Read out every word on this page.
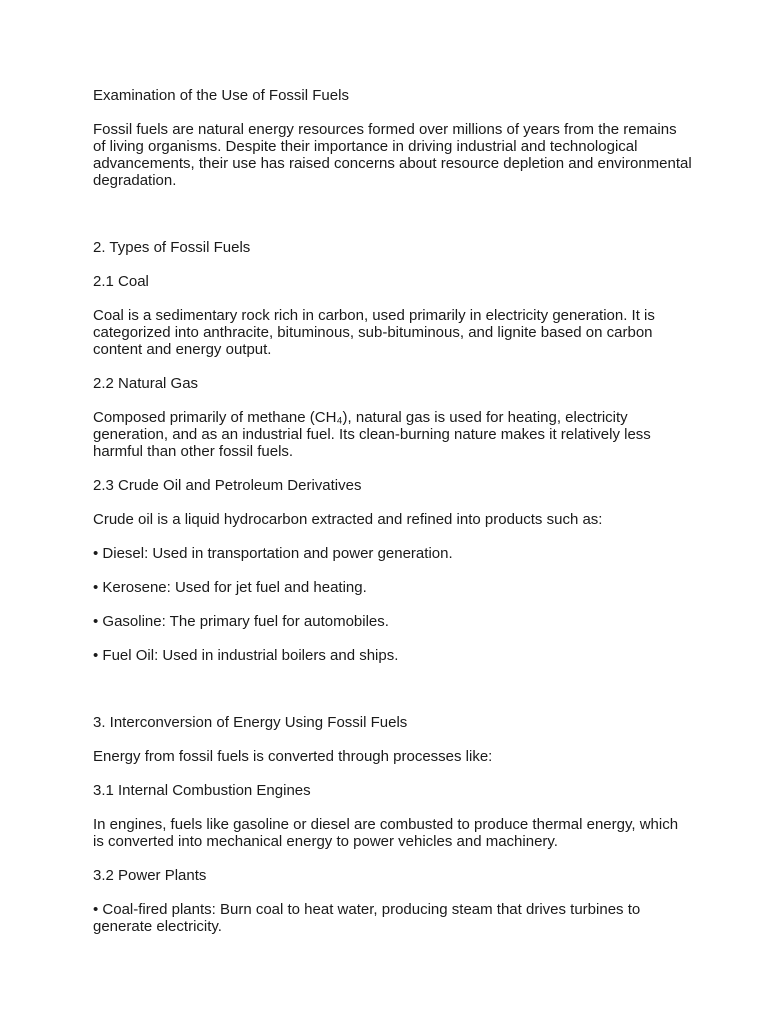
Examination of the Use of Fossil Fuels

Fossil fuels are natural energy resources formed over millions of years from the remains of living organisms. Despite their importance in driving industrial and technological advancements, their use has raised concerns about resource depletion and environmental degradation.

2. Types of Fossil Fuels

2.1 Coal

Coal is a sedimentary rock rich in carbon, used primarily in electricity generation. It is categorized into anthracite, bituminous, sub-bituminous, and lignite based on carbon content and energy output.

2.2 Natural Gas

Composed primarily of methane (CH₄), natural gas is used for heating, electricity generation, and as an industrial fuel. Its clean-burning nature makes it relatively less harmful than other fossil fuels.

2.3 Crude Oil and Petroleum Derivatives

Crude oil is a liquid hydrocarbon extracted and refined into products such as:

• Diesel: Used in transportation and power generation.

• Kerosene: Used for jet fuel and heating.

• Gasoline: The primary fuel for automobiles.

• Fuel Oil: Used in industrial boilers and ships.

3. Interconversion of Energy Using Fossil Fuels

Energy from fossil fuels is converted through processes like:

3.1 Internal Combustion Engines

In engines, fuels like gasoline or diesel are combusted to produce thermal energy, which is converted into mechanical energy to power vehicles and machinery.

3.2 Power Plants

• Coal-fired plants: Burn coal to heat water, producing steam that drives turbines to generate electricity.
